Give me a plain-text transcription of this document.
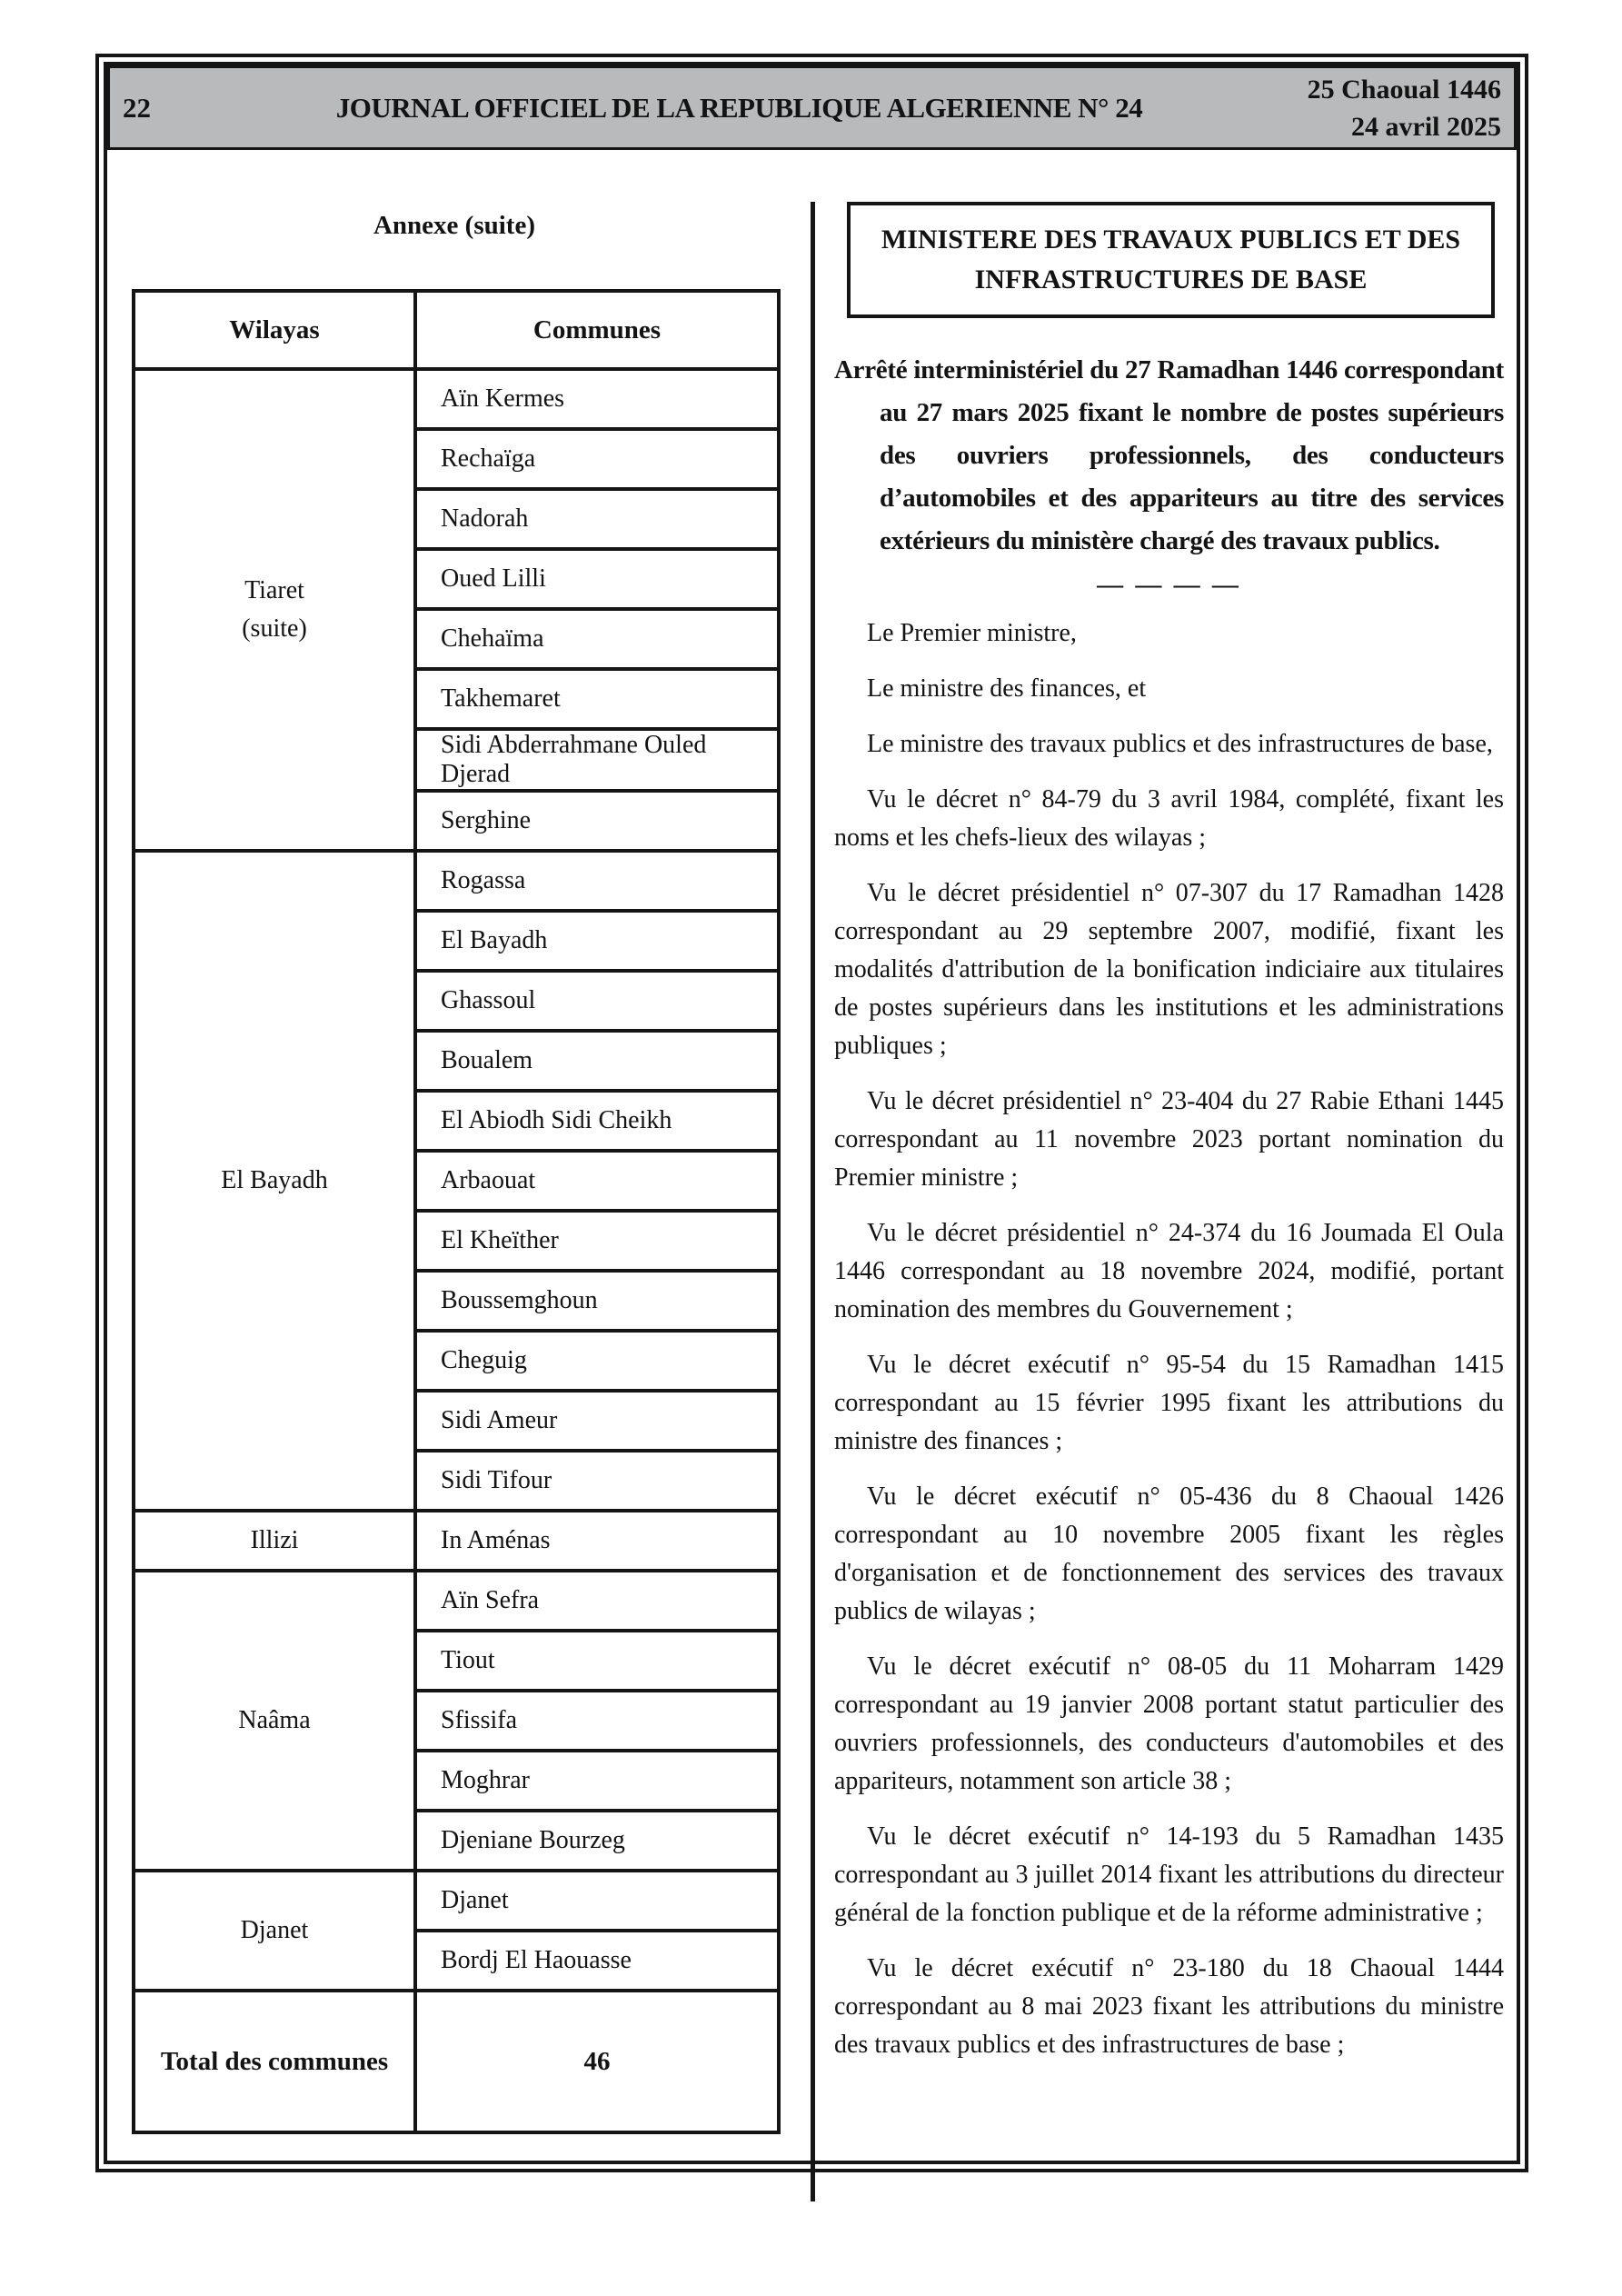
22	JOURNAL OFFICIEL DE LA REPUBLIQUE ALGERIENNE N° 24
25 Chaoual 1446
24 avril 2025
Annexe (suite)
Wilayas	Communes

Tiaret
(suite)	Aïn Kermes
	Rechaïga
	Nadorah
	Oued Lilli
	Chehaïma
	Takhemaret
	Sidi Abderrahmane Ouled Djerad
	Serghine

El Bayadh	Rogassa
	El Bayadh
	Ghassoul
	Boualem
	El Abiodh Sidi Cheikh
	Arbaouat
	El Kheïther
	Boussemghoun
	Cheguig
	Sidi Ameur
	Sidi Tifour

Illizi	In Aménas

Naâma	Aïn Sefra
	Tiout
	Sfissifa
	Moghrar
	Djeniane Bourzeg

Djanet	Djanet
	Bordj El Haouasse
Total des communes	46
MINISTERE DES TRAVAUX PUBLICS ET DES INFRASTRUCTURES DE BASE
Arrêté interministériel du 27 Ramadhan 1446 correspondant au 27 mars 2025 fixant le nombre de postes supérieurs des ouvriers professionnels, des conducteurs d’automobiles et des appariteurs au titre des services extérieurs du ministère chargé des travaux publics.
— — — —

Le Premier ministre,

Le ministre des finances, et

Le ministre des travaux publics et des infrastructures de base,

Vu le décret n° 84-79 du 3 avril 1984, complété, fixant les noms et les chefs-lieux des wilayas ;

Vu le décret présidentiel n° 07-307 du 17 Ramadhan 1428 correspondant au 29 septembre 2007, modifié, fixant les modalités d'attribution de la bonification indiciaire aux titulaires de postes supérieurs dans les institutions et les administrations publiques ;

Vu le décret présidentiel n° 23-404 du 27 Rabie Ethani 1445 correspondant au 11 novembre 2023 portant nomination du Premier ministre ;

Vu le décret présidentiel n° 24-374 du 16 Joumada El Oula 1446 correspondant au 18 novembre 2024, modifié, portant nomination des membres du Gouvernement ;

Vu le décret exécutif n° 95-54 du 15 Ramadhan 1415 correspondant au 15 février 1995 fixant les attributions du ministre des finances ;

Vu le décret exécutif n° 05-436 du 8 Chaoual 1426 correspondant au 10 novembre 2005 fixant les règles d'organisation et de fonctionnement des services des travaux publics de wilayas ;

Vu le décret exécutif n° 08-05 du 11 Moharram 1429 correspondant au 19 janvier 2008 portant statut particulier des ouvriers professionnels, des conducteurs d'automobiles et des appariteurs, notamment son article 38 ;

Vu le décret exécutif n° 14-193 du 5 Ramadhan 1435 correspondant au 3 juillet 2014 fixant les attributions du directeur général de la fonction publique et de la réforme administrative ;

Vu le décret exécutif n° 23-180 du 18 Chaoual 1444 correspondant au 8 mai 2023 fixant les attributions du ministre des travaux publics et des infrastructures de base ;
